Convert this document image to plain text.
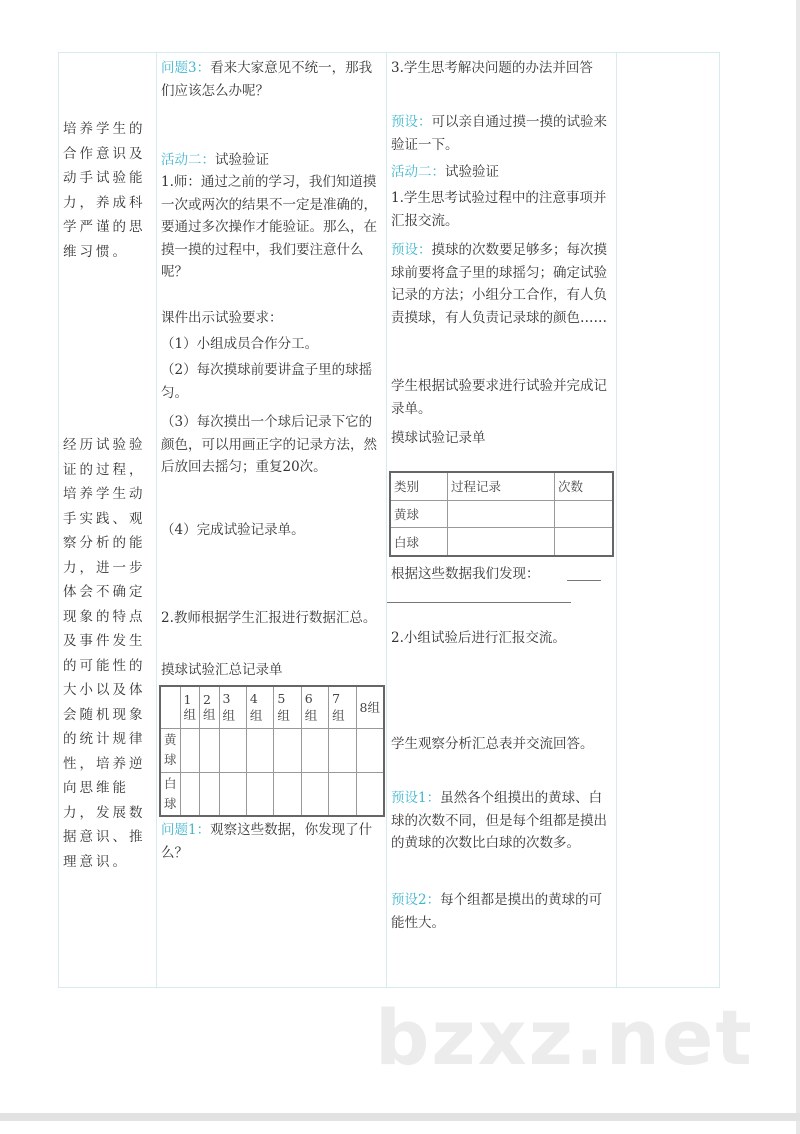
培养学生的合作意识及动手试验能力，养成科学严谨的思维习惯。
经历试验验证的过程，培养学生动手实践、观察分析的能力，进一步体会不确定现象的特点及事件发生的可能性的大小以及体会随机现象的统计规律性，培养逆向思维能力，发展数据意识、推理意识。
问题3：看来大家意见不统一，那我们应该怎么办呢？
活动二：试验验证
1.师：通过之前的学习，我们知道摸一次或两次的结果不一定是准确的，要通过多次操作才能验证。那么，在摸一摸的过程中，我们要注意什么呢？
课件出示试验要求：
（1）小组成员合作分工。
（2）每次摸球前要讲盒子里的球摇匀。
（3）每次摸出一个球后记录下它的颜色，可以用画正字的记录方法，然后放回去摇匀；重复20次。
（4）完成试验记录单。
2.教师根据学生汇报进行数据汇总。
摸球试验汇总记录单
	1组	2组	3组	4组	5组	6组	7组	8组
黄球								
白球								
问题1：观察这些数据，你发现了什么？
3.学生思考解决问题的办法并回答
预设：可以亲自通过摸一摸的试验来验证一下。
活动二：试验验证
1.学生思考试验过程中的注意事项并汇报交流。
预设：摸球的次数要足够多；每次摸球前要将盒子里的球摇匀；确定试验记录的方法；小组分工合作，有人负责摸球，有人负责记录球的颜色……
学生根据试验要求进行试验并完成记录单。
摸球试验记录单
类别	过程记录	次数
黄球		
白球		
根据这些数据我们发现：
2.小组试验后进行汇报交流。
学生观察分析汇总表并交流回答。
预设1：虽然各个组摸出的黄球、白球的次数不同，但是每个组都是摸出的黄球的次数比白球的次数多。
预设2：每个组都是摸出的黄球的可能性大。
bzxz.net
